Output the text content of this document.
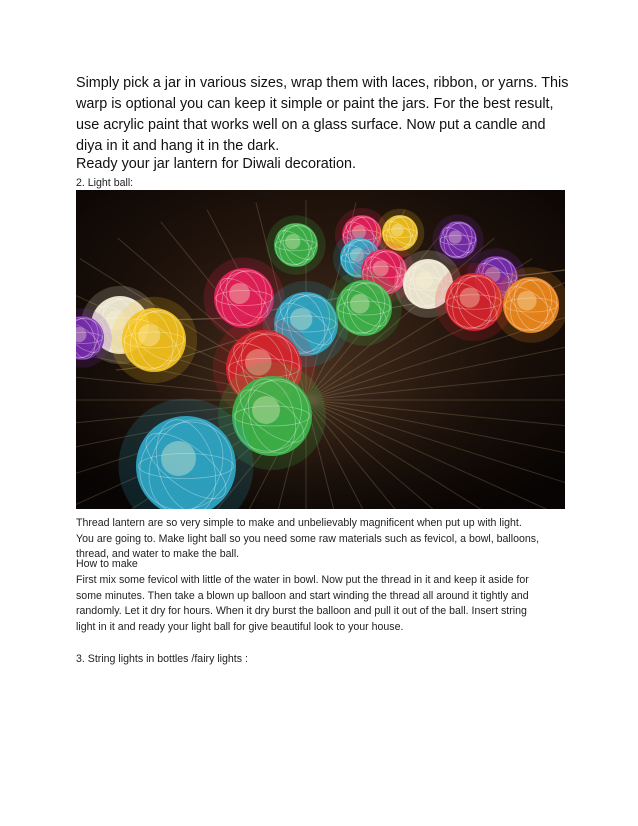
Simply pick a jar in various sizes, wrap them with laces, ribbon, or yarns. This
warp is optional you can keep it simple or paint the jars. For the best result,
use acrylic paint that works well on a glass surface. Now put a candle and
diya in it and hang it in the dark.

Ready your jar lantern for Diwali decoration.

2. Light ball:

Thread lantern are so very simple to make and unbelievably magnificent when put up with light.
You are going to. Make light ball so you need some raw materials such as fevicol, a bowl, balloons,
thread, and water to make the ball.

How to make

First mix some fevicol with little of the water in bowl. Now put the thread in it and keep it aside for
some minutes. Then take a blown up balloon and start winding the thread all around it tightly and
randomly. Let it dry for hours. When it dry burst the balloon and pull it out of the ball. Insert string
light in it and ready your light ball for give beautiful look to your house.

3. String lights in bottles /fairy lights :
